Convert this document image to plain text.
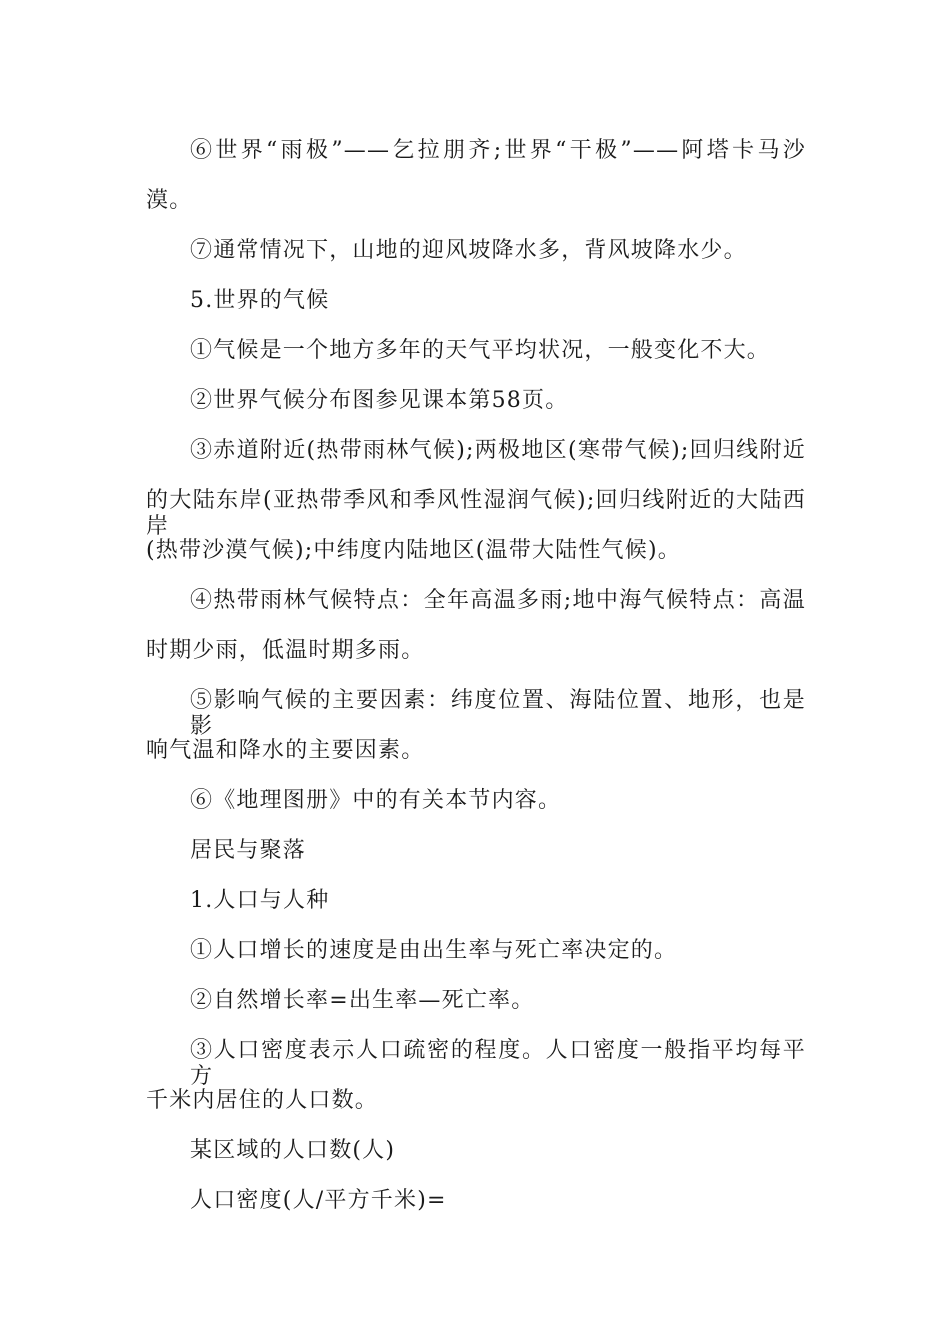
⑥世界“雨极”——乞拉朋齐;世界“干极”——阿塔卡马沙
漠。
⑦通常情况下，山地的迎风坡降水多，背风坡降水少。
5.世界的气候
①气候是一个地方多年的天气平均状况，一般变化不大。
②世界气候分布图参见课本第58页。
③赤道附近(热带雨林气候);两极地区(寒带气候);回归线附近
的大陆东岸(亚热带季风和季风性湿润气候);回归线附近的大陆西岸
(热带沙漠气候);中纬度内陆地区(温带大陆性气候)。
④热带雨林气候特点：全年高温多雨;地中海气候特点：高温
时期少雨，低温时期多雨。
⑤影响气候的主要因素：纬度位置、海陆位置、地形，也是影
响气温和降水的主要因素。
⑥《地理图册》中的有关本节内容。
居民与聚落
1.人口与人种
①人口增长的速度是由出生率与死亡率决定的。
②自然增长率=出生率—死亡率。
③人口密度表示人口疏密的程度。人口密度一般指平均每平方
千米内居住的人口数。
某区域的人口数(人)
人口密度(人/平方千米)=
